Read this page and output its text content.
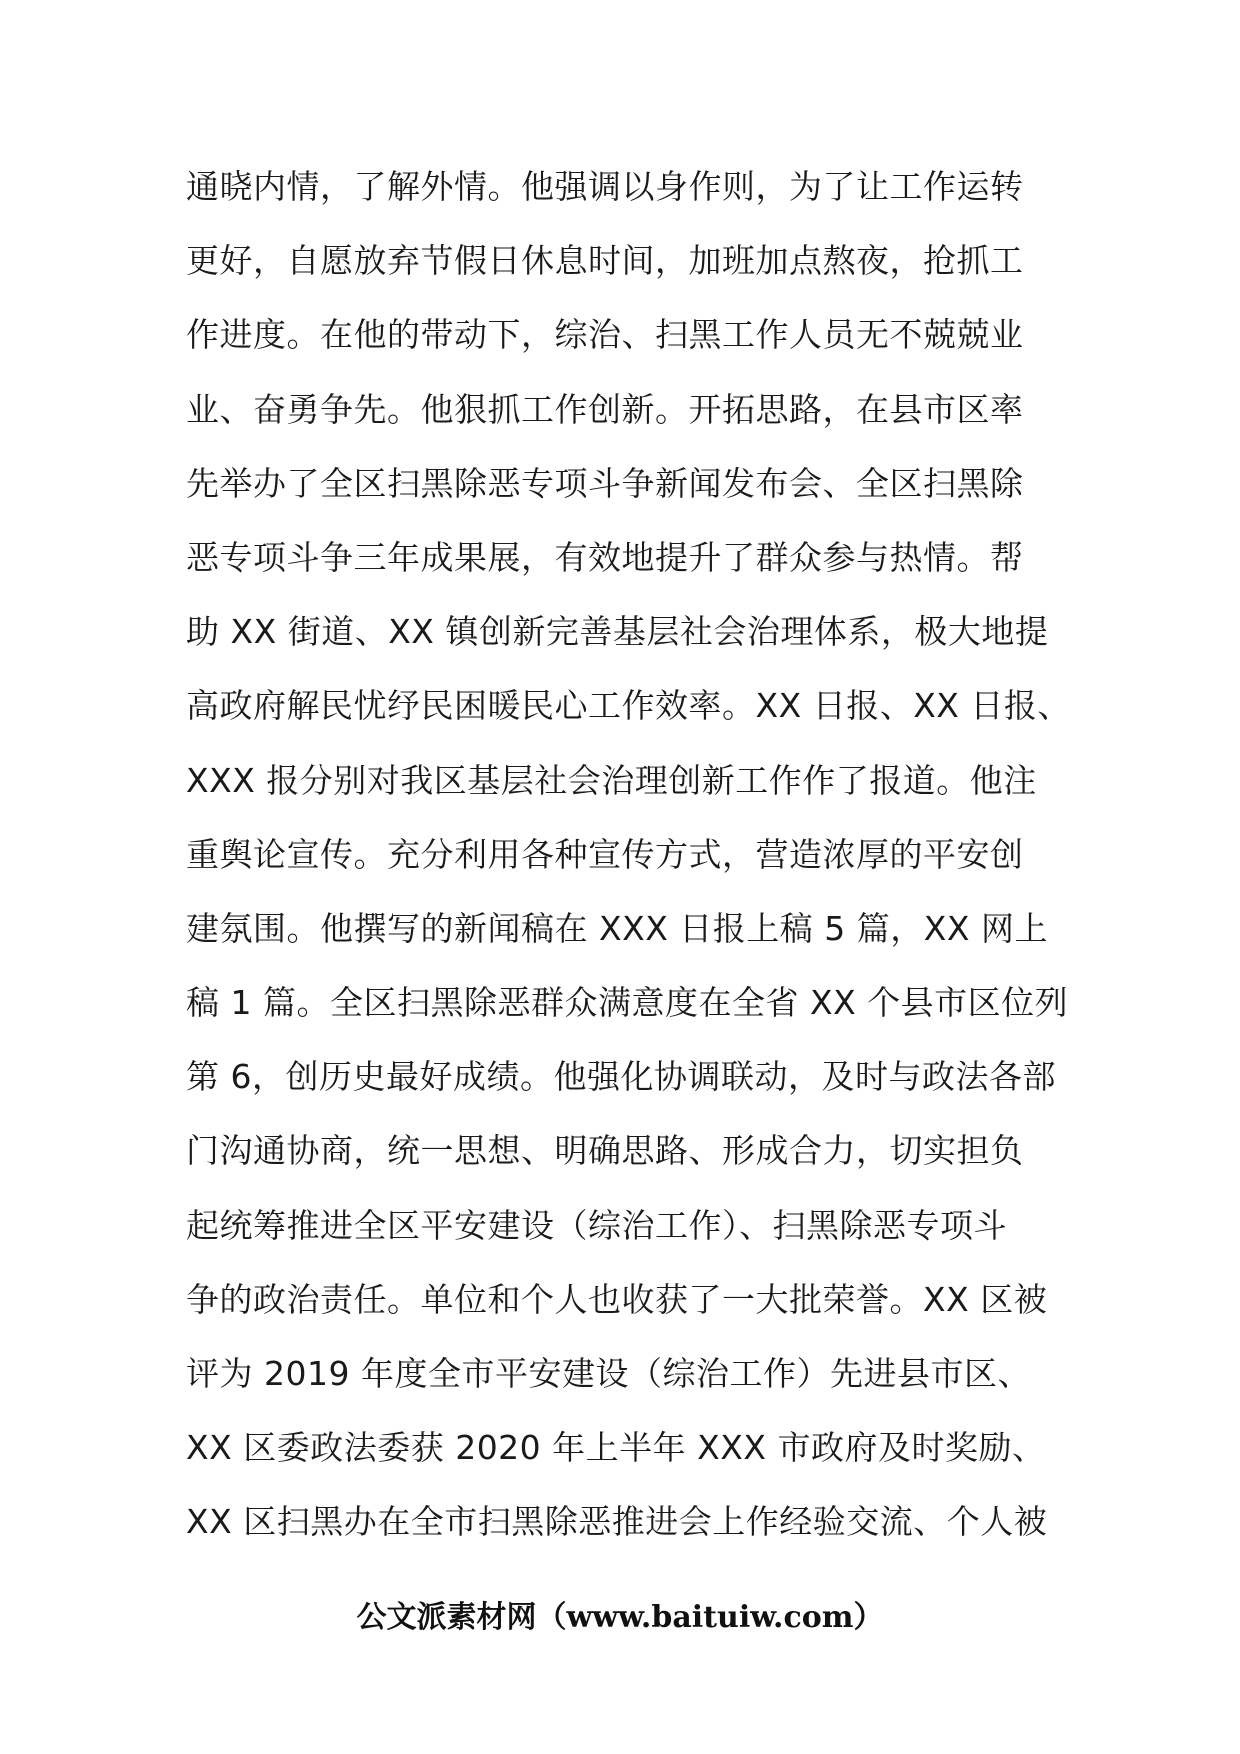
通晓内情，了解外情。他强调以身作则，为了让工作运转
更好，自愿放弃节假日休息时间，加班加点熬夜，抢抓工
作进度。在他的带动下，综治、扫黑工作人员无不兢兢业
业、奋勇争先。他狠抓工作创新。开拓思路，在县市区率
先举办了全区扫黑除恶专项斗争新闻发布会、全区扫黑除
恶专项斗争三年成果展，有效地提升了群众参与热情。帮
助 XX 街道、XX 镇创新完善基层社会治理体系，极大地提
高政府解民忧纾民困暖民心工作效率。XX 日报、XX 日报、
XXX 报分别对我区基层社会治理创新工作作了报道。他注
重舆论宣传。充分利用各种宣传方式，营造浓厚的平安创
建氛围。他撰写的新闻稿在 XXX 日报上稿 5 篇，XX 网上
稿 1 篇。全区扫黑除恶群众满意度在全省 XX 个县市区位列
第 6，创历史最好成绩。他强化协调联动，及时与政法各部
门沟通协商，统一思想、明确思路、形成合力，切实担负
起统筹推进全区平安建设（综治工作）、扫黑除恶专项斗
争的政治责任。单位和个人也收获了一大批荣誉。XX 区被
评为 2019 年度全市平安建设（综治工作）先进县市区、
XX 区委政法委获 2020 年上半年 XXX 市政府及时奖励、
XX 区扫黑办在全市扫黑除恶推进会上作经验交流、个人被
公文派素材网（www.baituiw.com）
